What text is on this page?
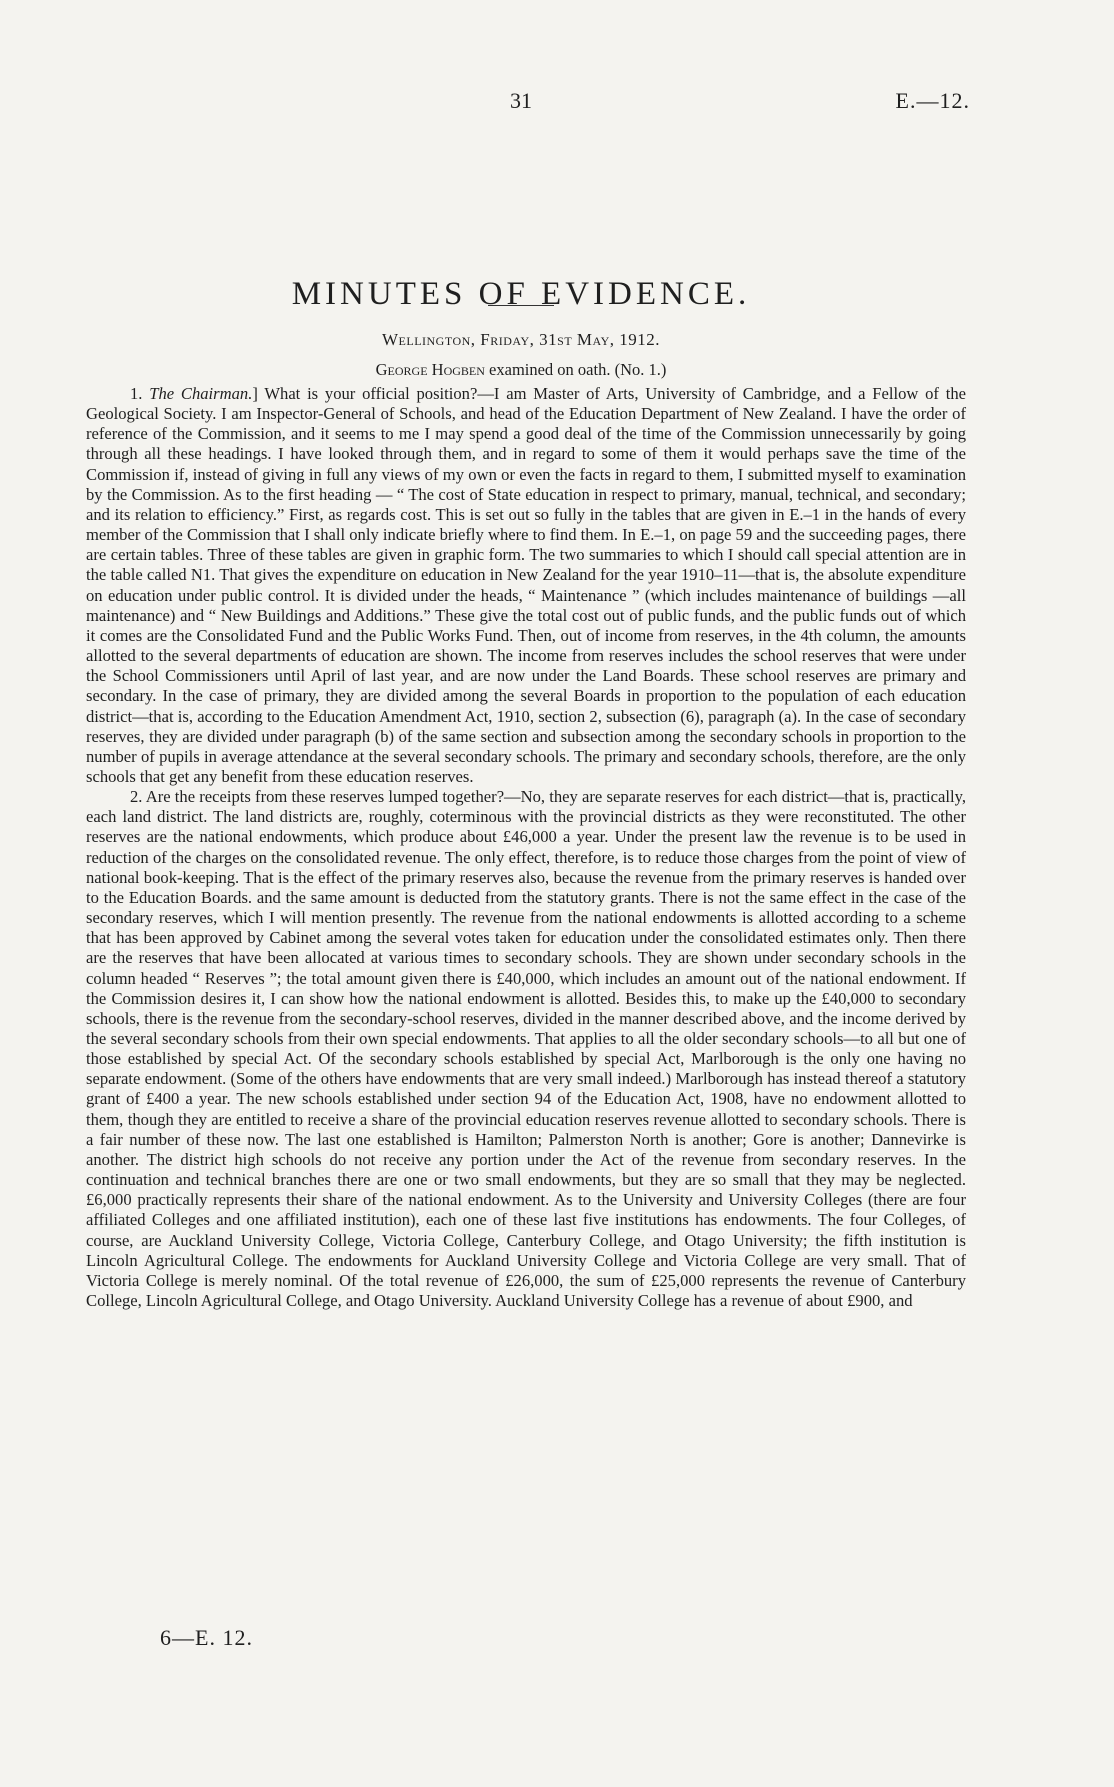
31	E.—12.
MINUTES OF EVIDENCE.
Wellington, Friday, 31st May, 1912.
George Hogben examined on oath. (No. 1.)

1. The Chairman.] What is your official position?—I am Master of Arts, University of Cambridge, and a Fellow of the Geological Society. I am Inspector-General of Schools, and head of the Education Department of New Zealand. I have the order of reference of the Commission, and it seems to me I may spend a good deal of the time of the Commission unnecessarily by going through all these headings. I have looked through them, and in regard to some of them it would perhaps save the time of the Commission if, instead of giving in full any views of my own or even the facts in regard to them, I submitted myself to examination by the Commission. As to the first heading — “ The cost of State education in respect to primary, manual, technical, and secondary; and its relation to efficiency.” First, as regards cost. This is set out so fully in the tables that are given in E.–1 in the hands of every member of the Commission that I shall only indicate briefly where to find them. In E.–1, on page 59 and the succeeding pages, there are certain tables. Three of these tables are given in graphic form. The two summaries to which I should call special attention are in the table called N1. That gives the expenditure on education in New Zealand for the year 1910–11—that is, the absolute expenditure on education under public control. It is divided under the heads, “ Maintenance ” (which includes maintenance of buildings —all maintenance) and “ New Buildings and Additions.” These give the total cost out of public funds, and the public funds out of which it comes are the Consolidated Fund and the Public Works Fund. Then, out of income from reserves, in the 4th column, the amounts allotted to the several departments of education are shown. The income from reserves includes the school reserves that were under the School Commissioners until April of last year, and are now under the Land Boards. These school reserves are primary and secondary. In the case of primary, they are divided among the several Boards in proportion to the population of each education district—that is, according to the Education Amendment Act, 1910, section 2, subsection (6), paragraph (a). In the case of secondary reserves, they are divided under paragraph (b) of the same section and subsection among the secondary schools in proportion to the number of pupils in average attendance at the several secondary schools. The primary and secondary schools, therefore, are the only schools that get any benefit from these education reserves.

2. Are the receipts from these reserves lumped together?—No, they are separate reserves for each district—that is, practically, each land district. The land districts are, roughly, coterminous with the provincial districts as they were reconstituted. The other reserves are the national endowments, which produce about £46,000 a year. Under the present law the revenue is to be used in reduction of the charges on the consolidated revenue. The only effect, therefore, is to reduce those charges from the point of view of national book-keeping. That is the effect of the primary reserves also, because the revenue from the primary reserves is handed over to the Education Boards. and the same amount is deducted from the statutory grants. There is not the same effect in the case of the secondary reserves, which I will mention presently. The revenue from the national endowments is allotted according to a scheme that has been approved by Cabinet among the several votes taken for education under the consolidated estimates only. Then there are the reserves that have been allocated at various times to secondary schools. They are shown under secondary schools in the column headed “ Reserves ”; the total amount given there is £40,000, which includes an amount out of the national endowment. If the Commission desires it, I can show how the national endowment is allotted. Besides this, to make up the £40,000 to secondary schools, there is the revenue from the secondary-school reserves, divided in the manner described above, and the income derived by the several secondary schools from their own special endowments. That applies to all the older secondary schools—to all but one of those established by special Act. Of the secondary schools established by special Act, Marlborough is the only one having no separate endowment. (Some of the others have endowments that are very small indeed.) Marlborough has instead thereof a statutory grant of £400 a year. The new schools established under section 94 of the Education Act, 1908, have no endowment allotted to them, though they are entitled to receive a share of the provincial education reserves revenue allotted to secondary schools. There is a fair number of these now. The last one established is Hamilton; Palmerston North is another; Gore is another; Dannevirke is another. The district high schools do not receive any portion under the Act of the revenue from secondary reserves. In the continuation and technical branches there are one or two small endowments, but they are so small that they may be neglected. £6,000 practically represents their share of the national endowment. As to the University and University Colleges (there are four affiliated Colleges and one affiliated institution), each one of these last five institutions has endowments. The four Colleges, of course, are Auckland University College, Victoria College, Canterbury College, and Otago University; the fifth institution is Lincoln Agricultural College. The endowments for Auckland University College and Victoria College are very small. That of Victoria College is merely nominal. Of the total revenue of £26,000, the sum of £25,000 represents the revenue of Canterbury College, Lincoln Agricultural College, and Otago University. Auckland University College has a revenue of about £900, and

6—E. 12.
